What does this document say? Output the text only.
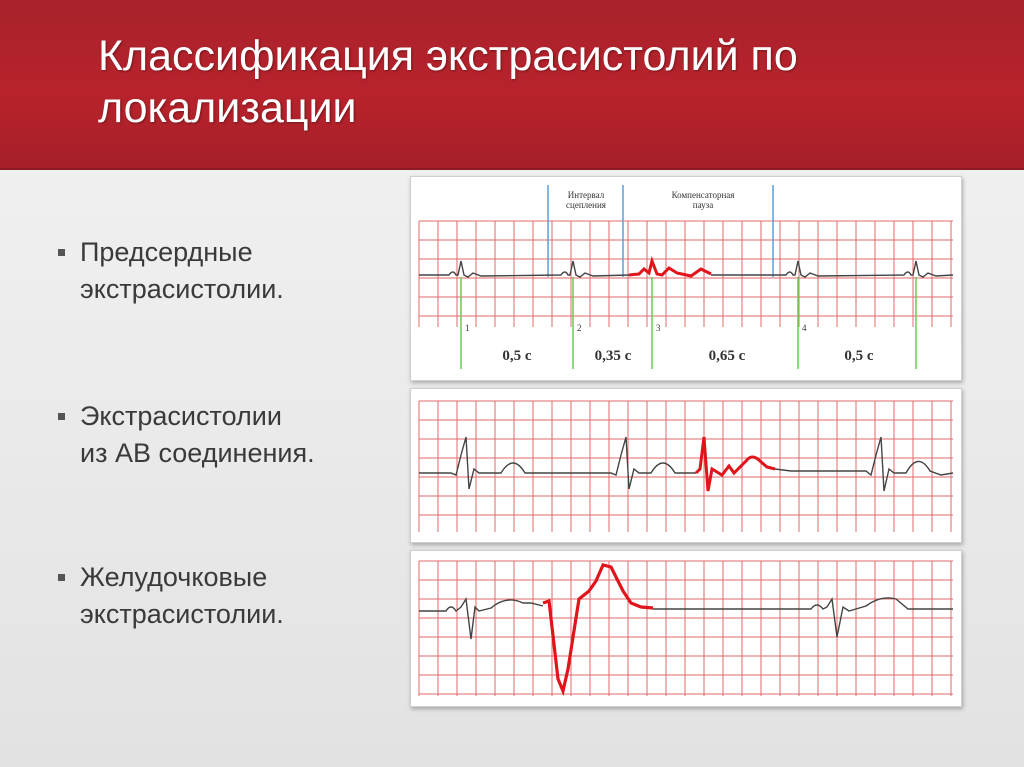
Классификация экстрасистолий по
локализации
Предсердные
экстрасистолии.
Экстрасистолии
из АВ соединения.
Желудочковые
экстрасистолии.
Интервал сцепления
Компенсаторная пауза
1	2	3	4
0,5 с	0,35 с	0,65 с	0,5 с
